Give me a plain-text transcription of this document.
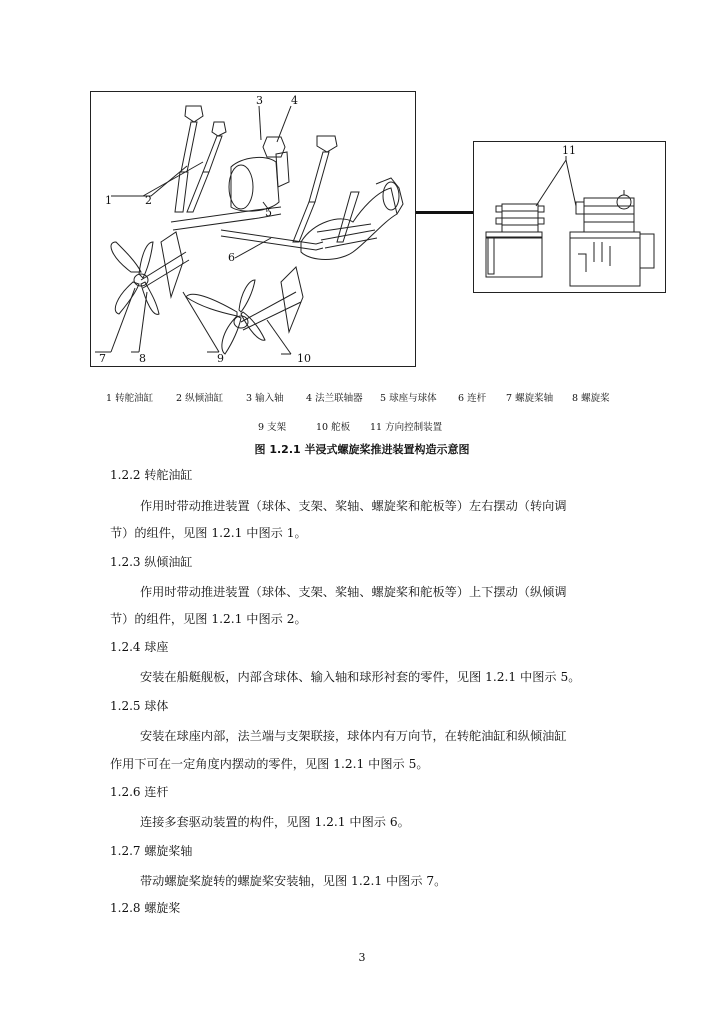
1	2
3	4
5
6
7	8	9	10
11
1 转舵油缸 2 纵倾油缸 3 输入轴 4 法兰联轴器 5 球座与球体 6 连杆 7 螺旋桨轴 8 螺旋桨
9 支架	10 舵板 11 方向控制装置
图 1.2.1 半浸式螺旋桨推进装置构造示意图
1.2.2 转舵油缸
作用时带动推进装置（球体、支架、桨轴、螺旋桨和舵板等）左右摆动（转向调
节）的组件，见图 1.2.1 中图示 1。
1.2.3 纵倾油缸
作用时带动推进装置（球体、支架、桨轴、螺旋桨和舵板等）上下摆动（纵倾调
节）的组件，见图 1.2.1 中图示 2。
1.2.4 球座
安装在船艇舰板，内部含球体、输入轴和球形衬套的零件，见图 1.2.1 中图示 5。
1.2.5 球体
安装在球座内部，法兰端与支架联接，球体内有万向节，在转舵油缸和纵倾油缸
作用下可在一定角度内摆动的零件，见图 1.2.1 中图示 5。
1.2.6 连杆
连接多套驱动装置的构件，见图 1.2.1 中图示 6。
1.2.7 螺旋桨轴
带动螺旋桨旋转的螺旋桨安装轴，见图 1.2.1 中图示 7。
1.2.8 螺旋桨
3
